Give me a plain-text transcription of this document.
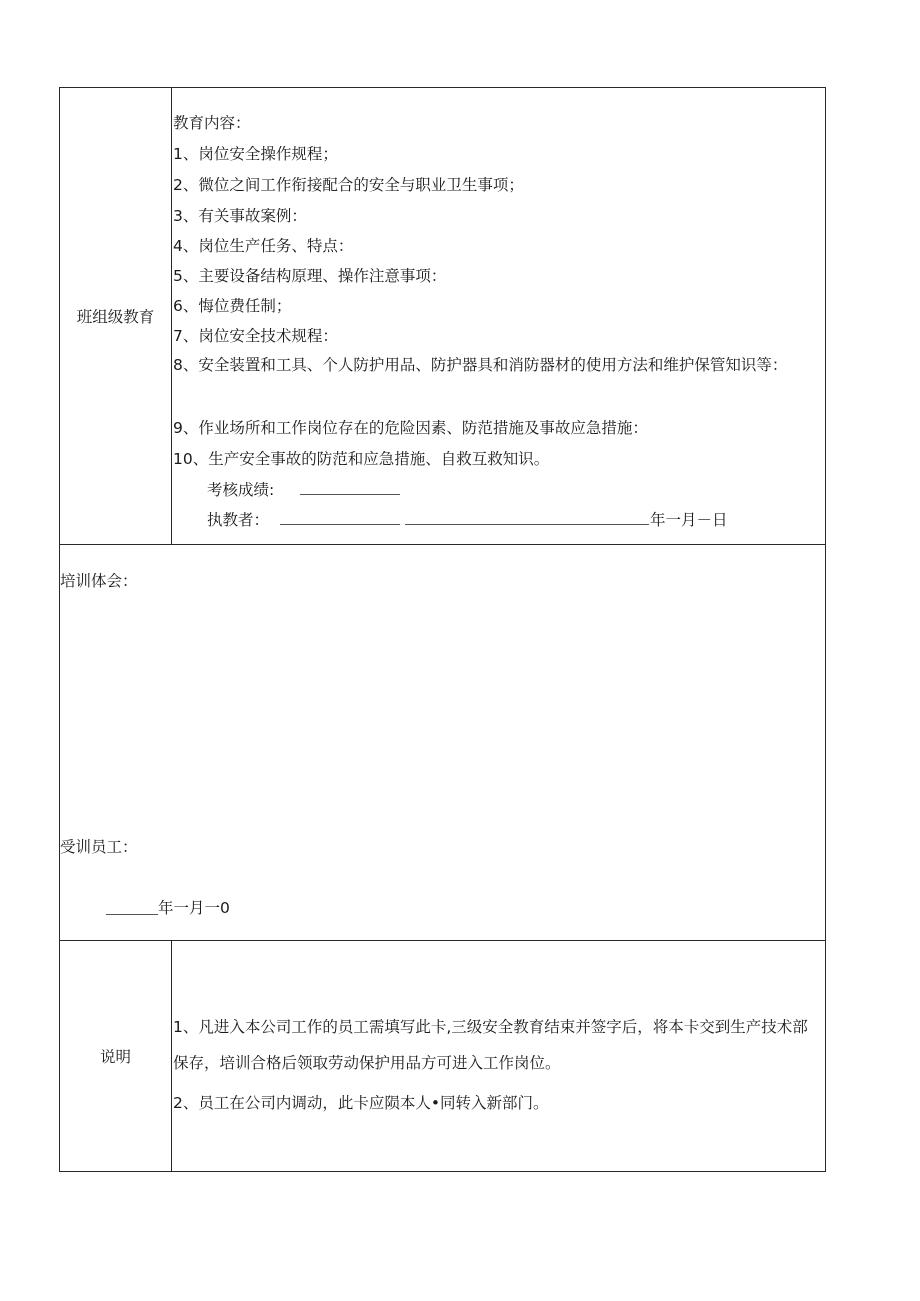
班组级教育
教育内容：
1、岗位安全操作规程；
2、微位之间工作衔接配合的安全与职业卫生事项；
3、有关事故案例：
4、岗位生产任务、特点：
5、主要设备结构原理、操作注意事项：
6、悔位费任制；
7、岗位安全技术规程：
8、安全装置和工具、个人防护用品、防护器具和消防器材的使用方法和维护保管知识等：
9、作业场所和工作岗位存在的危险因素、防范措施及事故应急措施：
10、生产安全事故的防范和应急措施、自救互救知识。
考核成绩:
执教者：	年一月－日
培训体会：
受训员工：
年一月一0
说明
1、凡进入本公司工作的员工需填写此卡,三级安全教育结束并签字后，将本卡交到生产技术部保存，培训合格后领取劳动保护用品方可进入工作岗位。
2、员工在公司内调动，此卡应陨本人•同转入新部门。
